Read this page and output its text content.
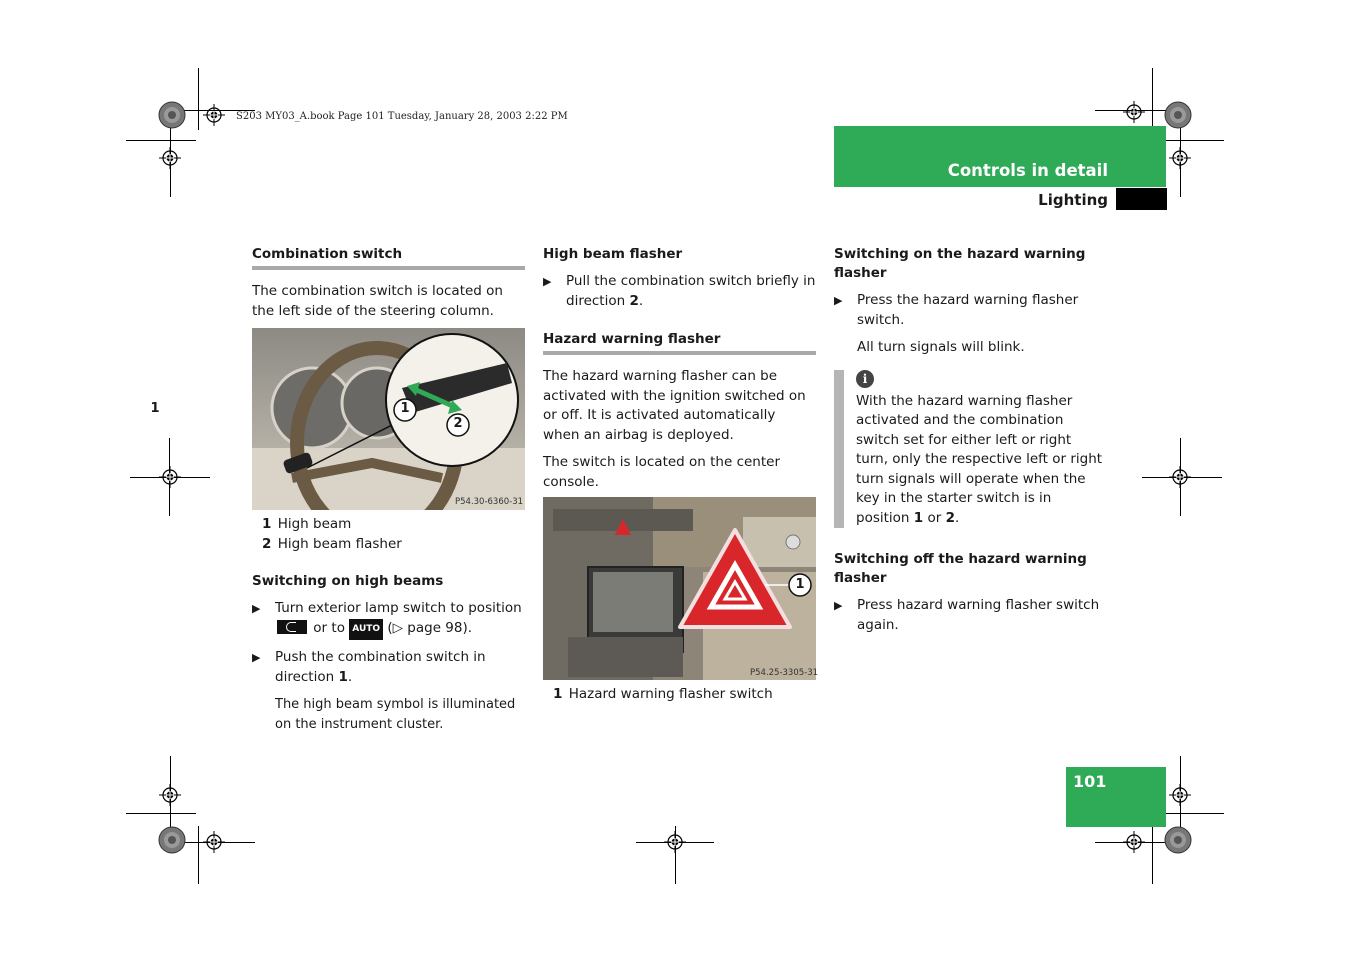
S203 MY03_A.book Page 101 Tuesday, January 28, 2003 2:22 PM
Controls in detail
Lighting
Combination switch

The combination switch is located on the left side of the steering column.

1	1
2
P54.30-6360-31
1 High beam
2 High beam flasher
Switching on high beams
▶ Turn exterior lamp switch to position
or to AUTO (▷ page 98).
▶ Push the combination switch in direction 1.

The high beam symbol is illuminated on the instrument cluster.

High beam flasher
▶ Pull the combination switch briefly in direction 2.
Hazard warning flasher

The hazard warning flasher can be activated with the ignition switched on or off. It is activated automatically when an airbag is deployed.

The switch is located on the center console.

1
P54.25-3305-31
1 Hazard warning flasher switch
Switching on the hazard warning flasher
▶ Press the hazard warning flasher switch.

All turn signals will blink.

i

With the hazard warning flasher activated and the combination switch set for either left or right turn, only the respective left or right turn signals will operate when the key in the starter switch is in position 1 or 2.

Switching off the hazard warning flasher
▶ Press hazard warning flasher switch again.
101
